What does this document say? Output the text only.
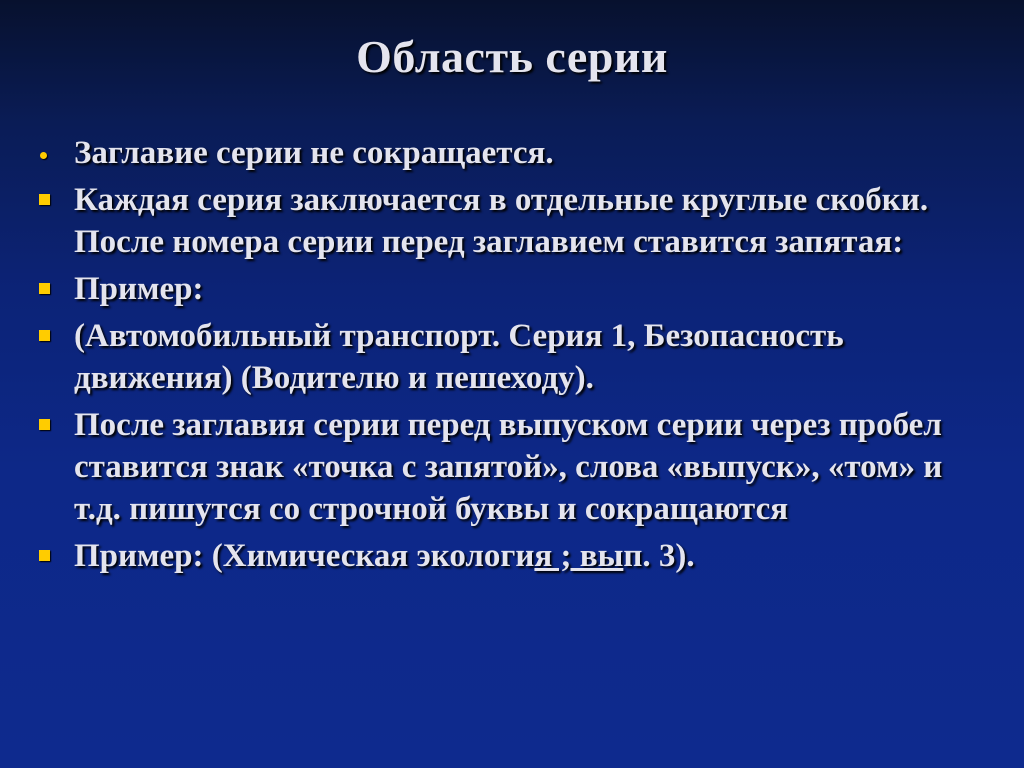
Область серии
Заглавие серии не сокращается.
Каждая серия заключается в отдельные круглые скобки. После номера серии перед заглавием ставится запятая:
Пример:
(Автомобильный транспорт. Серия 1, Безопасность движения) (Водителю и пешеходу).
После заглавия серии перед выпуском серии через пробел ставится знак «точка с запятой», слова «выпуск», «том» и т.д. пишутся со строчной буквы и сокращаются
Пример: (Химическая экология ; вып. 3).
